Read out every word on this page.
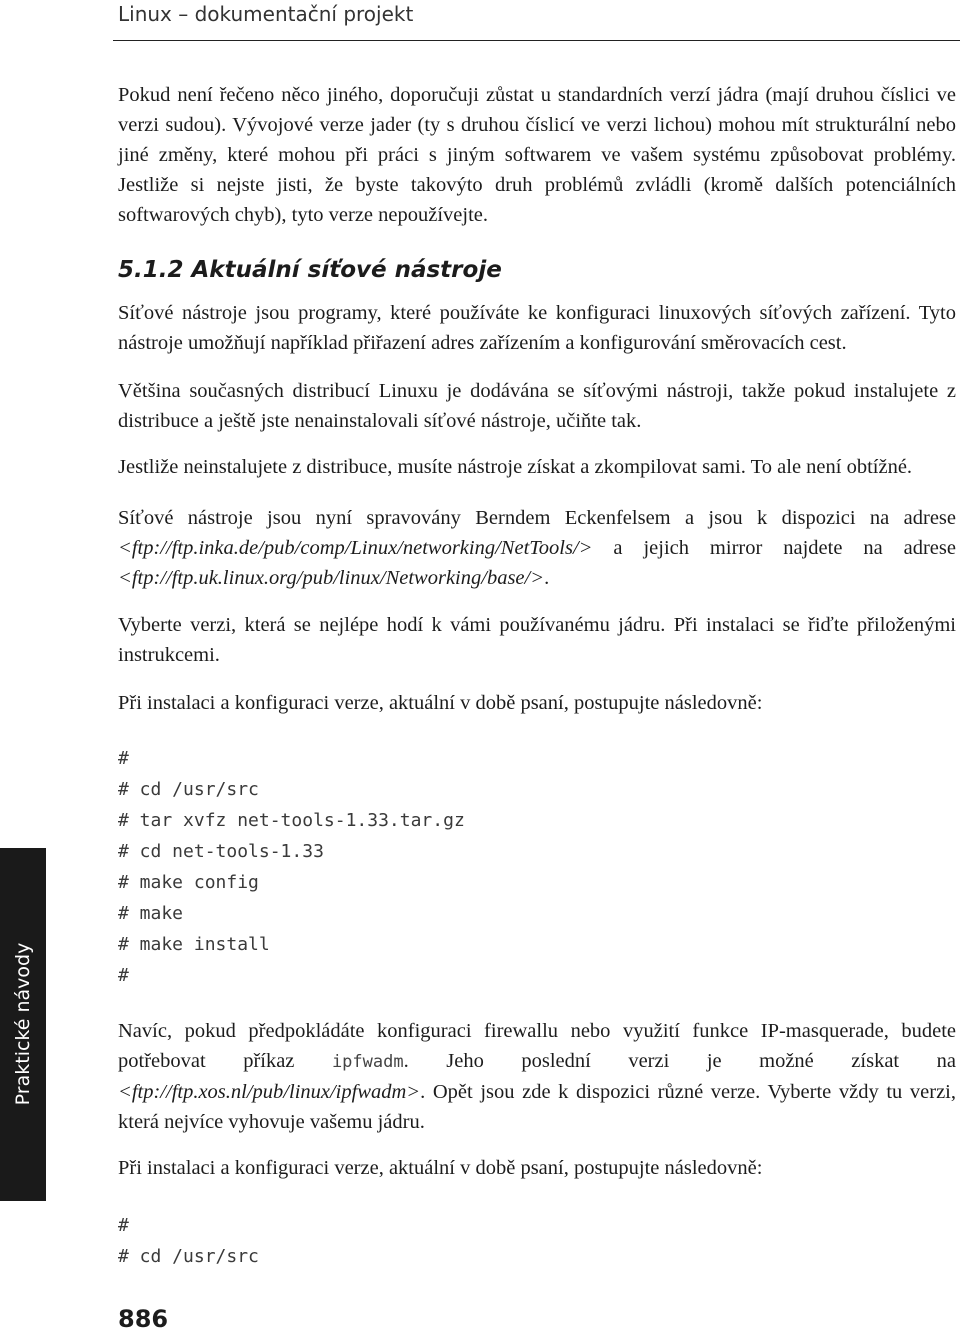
Linux – dokumentační projekt

Pokud není řečeno něco jiného, doporučuji zůstat u standardních verzí jádra (mají druhou číslici ve verzi sudou). Vývojové verze jader (ty s druhou číslicí ve verzi lichou) mohou mít strukturální nebo jiné změny, které mohou při práci s jiným softwarem ve vašem systému způsobovat problémy. Jestliže si nejste jisti, že byste takovýto druh problémů zvládli (kromě dalších potenciálních softwarových chyb), tyto verze nepoužívejte.

5.1.2 Aktuální síťové nástroje

Síťové nástroje jsou programy, které používáte ke konfiguraci linuxových síťových zařízení. Tyto nástroje umožňují například přiřazení adres zařízením a konfigurování směrovacích cest.

Většina současných distribucí Linuxu je dodávána se síťovými nástroji, takže pokud instalujete z distribuce a ještě jste nenainstalovali síťové nástroje, učiňte tak.

Jestliže neinstalujete z distribuce, musíte nástroje získat a zkompilovat sami. To ale není obtížné.

Síťové nástroje jsou nyní spravovány Berndem Eckenfelsem a jsou k dispozici na adrese <ftp://ftp.inka.de/pub/comp/Linux/networking/NetTools/> a jejich mirror najdete na adrese <ftp://ftp.uk.linux.org/pub/linux/Networking/base/>.

Vyberte verzi, která se nejlépe hodí k vámi používanému jádru. Při instalaci se řiďte přiloženými instrukcemi.

Při instalaci a konfiguraci verze, aktuální v době psaní, postupujte následovně:

#
# cd /usr/src
# tar xvfz net-tools-1.33.tar.gz
# cd net-tools-1.33
# make config
# make
# make install
#

Navíc, pokud předpokládáte konfiguraci firewallu nebo využití funkce IP-masquerade, budete potřebovat příkaz ipfwadm. Jeho poslední verzi je možné získat na <ftp://ftp.xos.nl/pub/linux/ipfwadm>. Opět jsou zde k dispozici různé verze. Vyberte vždy tu verzi, která nejvíce vyhovuje vašemu jádru.

Při instalaci a konfiguraci verze, aktuální v době psaní, postupujte následovně:

#
# cd /usr/src
Praktické návody
886
